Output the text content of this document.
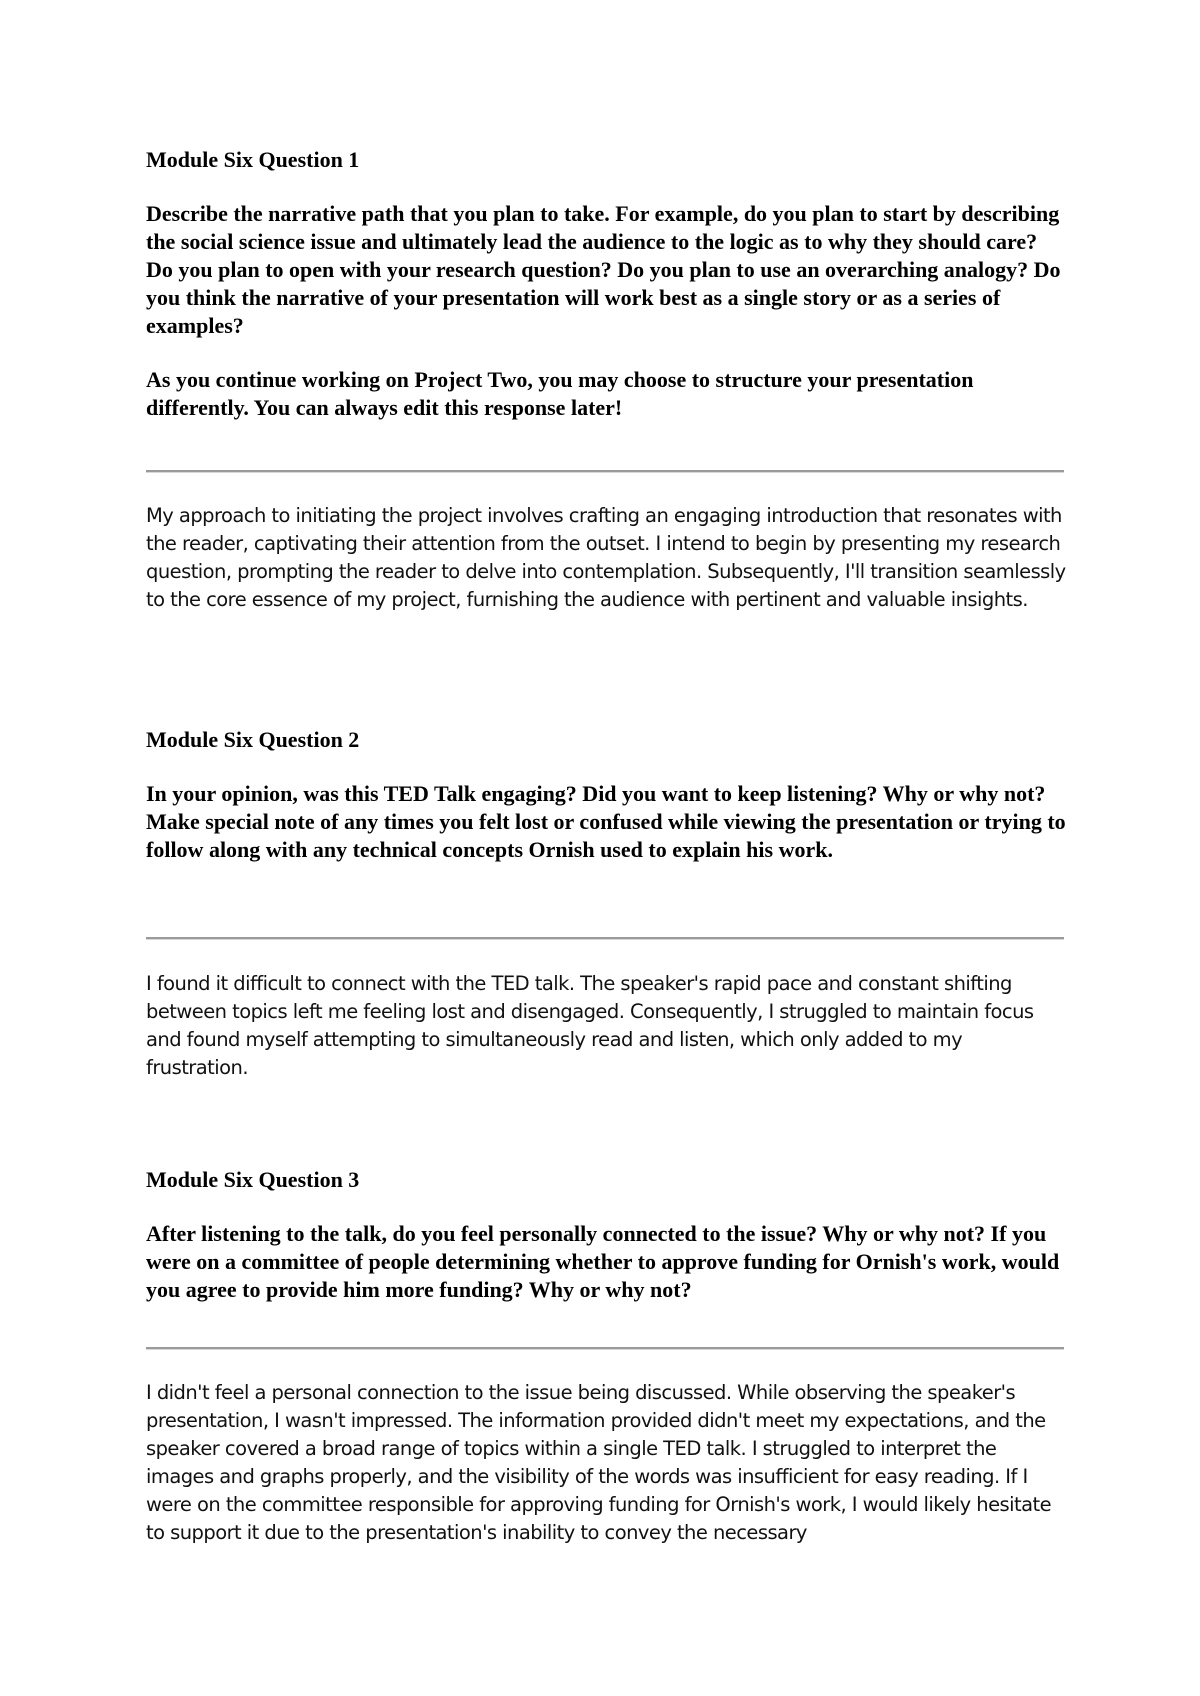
Module Six Question 1

Describe the narrative path that you plan to take. For example, do you plan to start by describing the social science issue and ultimately lead the audience to the logic as to why they should care? Do you plan to open with your research question? Do you plan to use an overarching analogy? Do you think the narrative of your presentation will work best as a single story or as a series of examples?

As you continue working on Project Two, you may choose to structure your presentation differently. You can always edit this response later!

My approach to initiating the project involves crafting an engaging introduction that resonates with the reader, captivating their attention from the outset. I intend to begin by presenting my research question, prompting the reader to delve into contemplation. Subsequently, I'll transition seamlessly to the core essence of my project, furnishing the audience with pertinent and valuable insights.

Module Six Question 2

In your opinion, was this TED Talk engaging? Did you want to keep listening? Why or why not? Make special note of any times you felt lost or confused while viewing the presentation or trying to follow along with any technical concepts Ornish used to explain his work.

I found it difficult to connect with the TED talk. The speaker's rapid pace and constant shifting between topics left me feeling lost and disengaged. Consequently, I struggled to maintain focus and found myself attempting to simultaneously read and listen, which only added to my frustration.

Module Six Question 3

After listening to the talk, do you feel personally connected to the issue? Why or why not? If you were on a committee of people determining whether to approve funding for Ornish's work, would you agree to provide him more funding? Why or why not?

I didn't feel a personal connection to the issue being discussed. While observing the speaker's presentation, I wasn't impressed. The information provided didn't meet my expectations, and the speaker covered a broad range of topics within a single TED talk. I struggled to interpret the images and graphs properly, and the visibility of the words was insufficient for easy reading. If I were on the committee responsible for approving funding for Ornish's work, I would likely hesitate to support it due to the presentation's inability to convey the necessary
